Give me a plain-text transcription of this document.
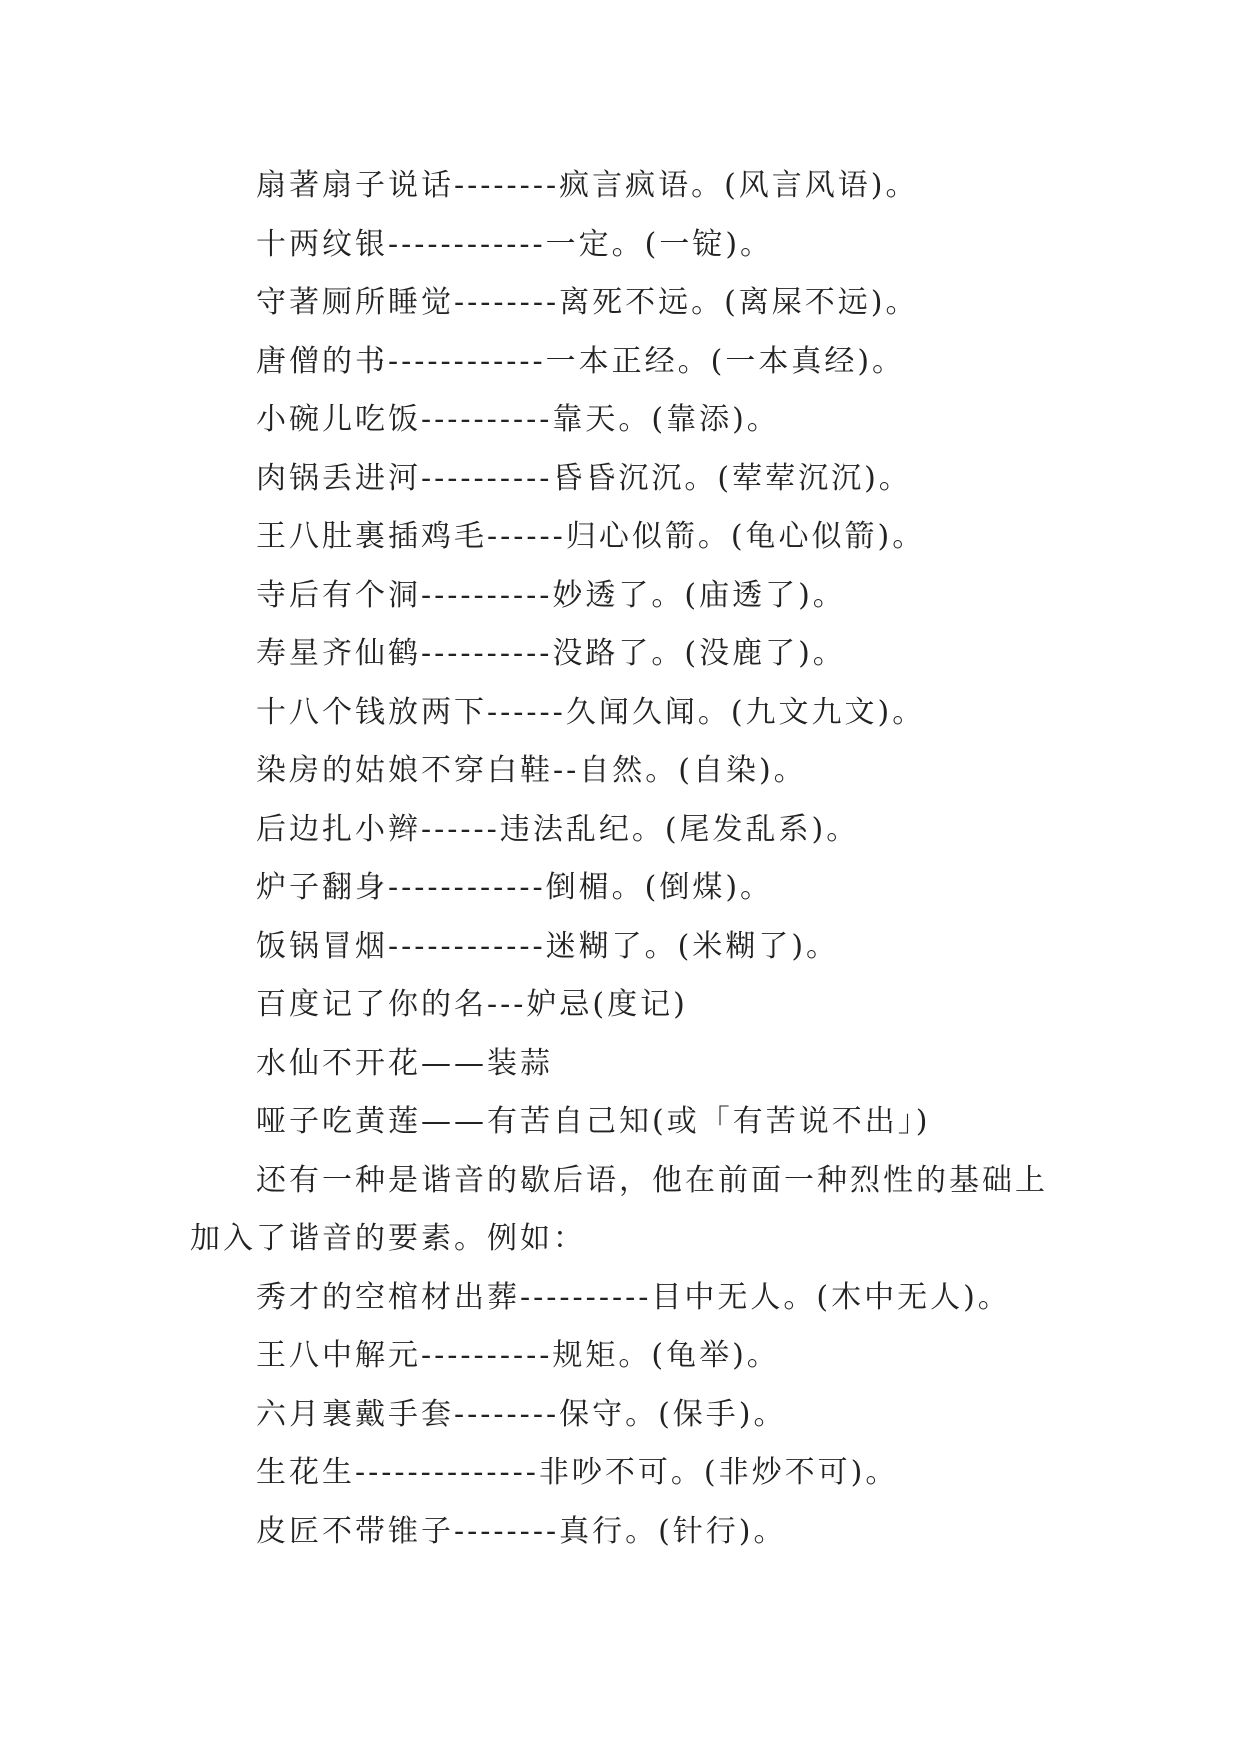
扇著扇子说话--------疯言疯语。(风言风语)。

十两纹银------------一定。(一锭)。

守著厕所睡觉--------离死不远。(离屎不远)。

唐僧的书------------一本正经。(一本真经)。

小碗儿吃饭----------靠天。(靠添)。

肉锅丢进河----------昏昏沉沉。(荤荤沉沉)。

王八肚裏插鸡毛------归心似箭。(龟心似箭)。

寺后有个洞----------妙透了。(庙透了)。

寿星齐仙鹤----------没路了。(没鹿了)。

十八个钱放两下------久闻久闻。(九文九文)。

染房的姑娘不穿白鞋--自然。(自染)。

后边扎小辫------违法乱纪。(尾发乱系)。

炉子翻身------------倒楣。(倒煤)。

饭锅冒烟------------迷糊了。(米糊了)。

百度记了你的名---妒忌(度记)

水仙不开花——装蒜

哑子吃黄莲——有苦自己知(或「有苦说不出」)

还有一种是谐音的歇后语，他在前面一种烈性的基础上

加入了谐音的要素。例如：

秀才的空棺材出葬----------目中无人。(木中无人)。

王八中解元----------规矩。(龟举)。

六月裏戴手套--------保守。(保手)。

生花生--------------非吵不可。(非炒不可)。

皮匠不带锥子--------真行。(针行)。
